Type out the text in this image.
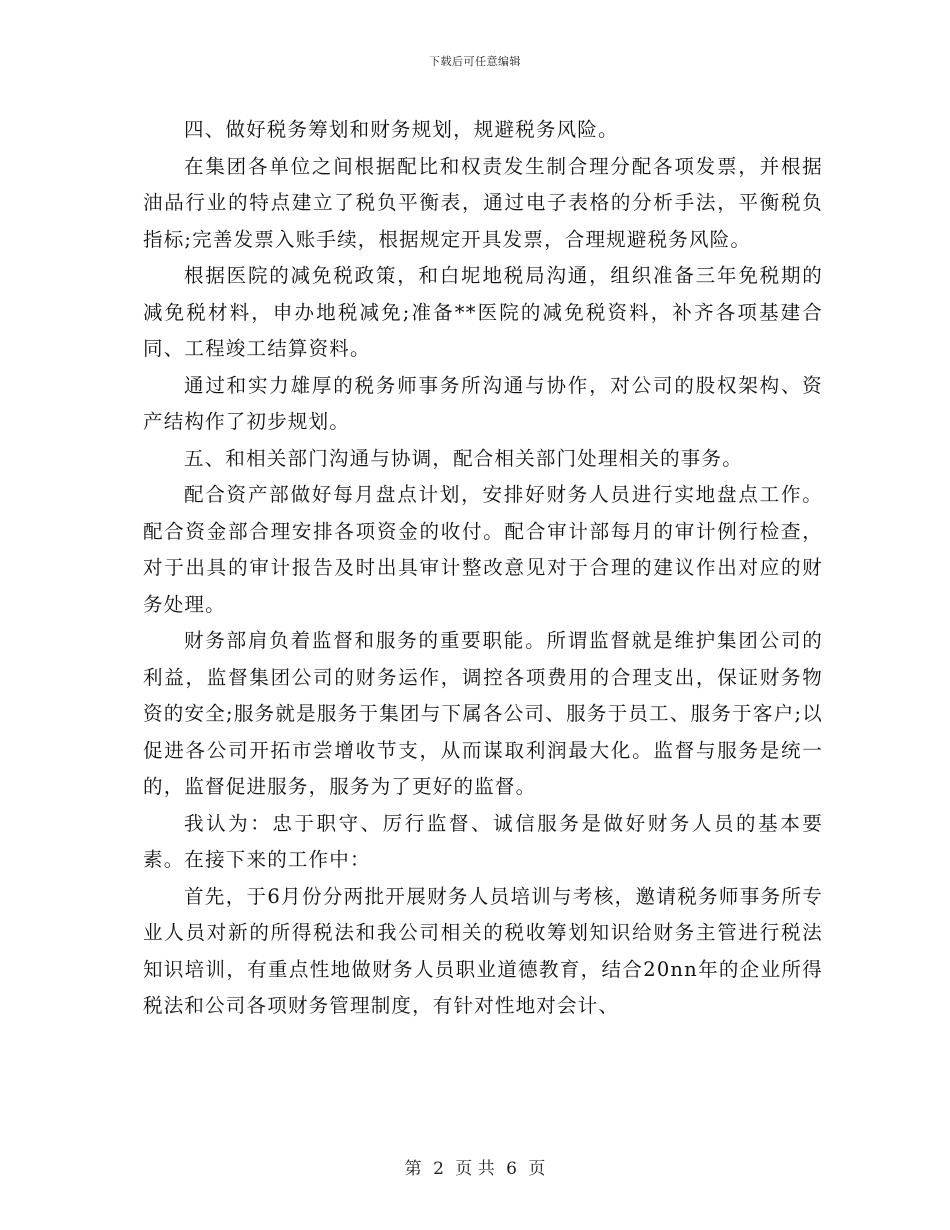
下载后可任意编辑

四、做好税务筹划和财务规划，规避税务风险。

在集团各单位之间根据配比和权责发生制合理分配各项发票，并根据油品行业的特点建立了税负平衡表，通过电子表格的分析手法，平衡税负指标;完善发票入账手续，根据规定开具发票，合理规避税务风险。

根据医院的减免税政策，和白坭地税局沟通，组织准备三年免税期的减免税材料，申办地税减免;准备**医院的减免税资料，补齐各项基建合同、工程竣工结算资料。

通过和实力雄厚的税务师事务所沟通与协作，对公司的股权架构、资产结构作了初步规划。

五、和相关部门沟通与协调，配合相关部门处理相关的事务。

配合资产部做好每月盘点计划，安排好财务人员进行实地盘点工作。配合资金部合理安排各项资金的收付。配合审计部每月的审计例行检查，对于出具的审计报告及时出具审计整改意见对于合理的建议作出对应的财务处理。

财务部肩负着监督和服务的重要职能。所谓监督就是维护集团公司的利益，监督集团公司的财务运作，调控各项费用的合理支出，保证财务物资的安全;服务就是服务于集团与下属各公司、服务于员工、服务于客户;以促进各公司开拓市尝增收节支，从而谋取利润最大化。监督与服务是统一的，监督促进服务，服务为了更好的监督。

我认为：忠于职守、厉行监督、诚信服务是做好财务人员的基本要素。在接下来的工作中：

首先，于6月份分两批开展财务人员培训与考核，邀请税务师事务所专业人员对新的所得税法和我公司相关的税收筹划知识给财务主管进行税法知识培训，有重点性地做财务人员职业道德教育，结合20nn年的企业所得税法和公司各项财务管理制度，有针对性地对会计、

第 2 页 共 6 页
